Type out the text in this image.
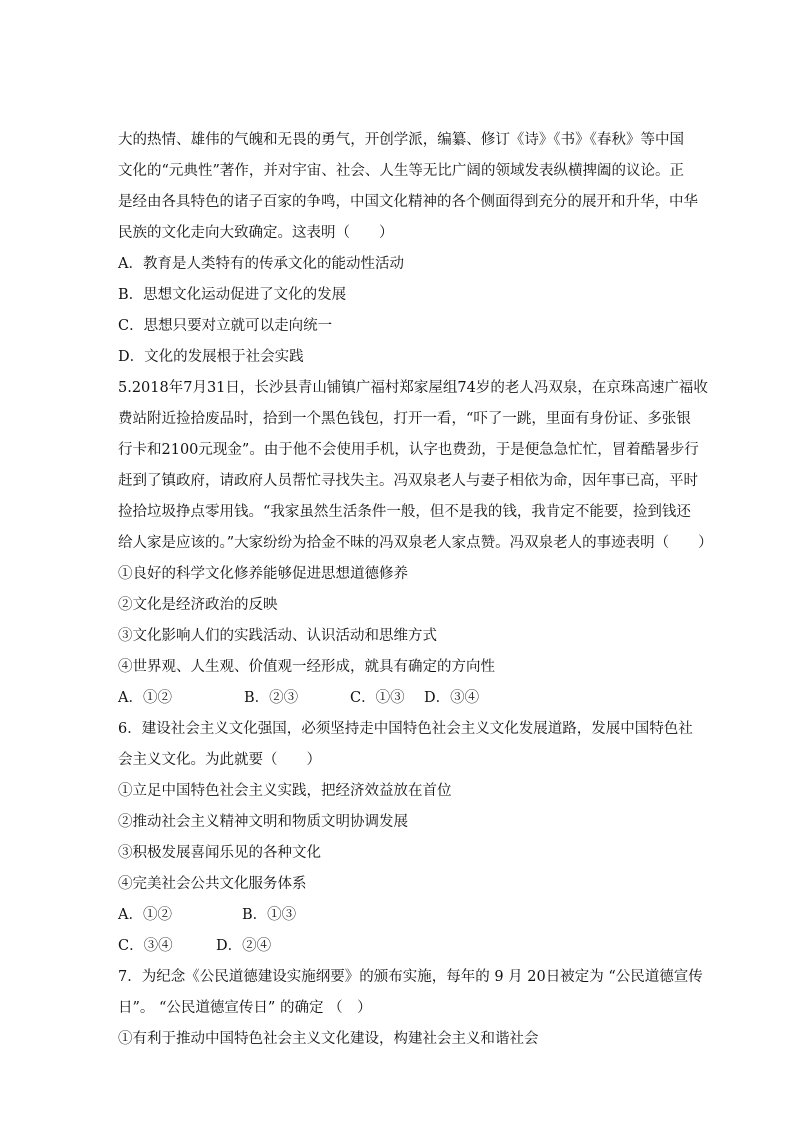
大的热情、雄伟的气魄和无畏的勇气，开创学派，编纂、修订《诗》《书》《春秋》等中国
文化的“元典性”著作，并对宇宙、社会、人生等无比广阔的领域发表纵横捭阖的议论。正
是经由各具特色的诸子百家的争鸣，中国文化精神的各个侧面得到充分的展开和升华，中华
民族的文化走向大致确定。这表明（　　）
A．教育是人类特有的传承文化的能动性活动
B．思想文化运动促进了文化的发展
C．思想只要对立就可以走向统一
D．文化的发展根于社会实践
5.2018年7月31日，长沙县青山铺镇广福村郑家屋组74岁的老人冯双泉，在京珠高速广福收
费站附近捡拾废品时，拾到一个黑色钱包，打开一看，“吓了一跳，里面有身份证、多张银
行卡和2100元现金”。由于他不会使用手机，认字也费劲，于是便急急忙忙，冒着酷暑步行
赶到了镇政府，请政府人员帮忙寻找失主。冯双泉老人与妻子相依为命，因年事已高，平时
捡拾垃圾挣点零用钱。“我家虽然生活条件一般，但不是我的钱，我肯定不能要，捡到钱还
给人家是应该的。”大家纷纷为拾金不昧的冯双泉老人家点赞。冯双泉老人的事迹表明（　　）
①良好的科学文化修养能够促进思想道德修养
②文化是经济政治的反映
③文化影响人们的实践活动、认识活动和思维方式
④世界观、人生观、价值观一经形成，就具有确定的方向性
A．①②	B．②③	C．①③ D．③④
6．建设社会主义文化强国，必须坚持走中国特色社会主义文化发展道路，发展中国特色社
会主义文化。为此就要（　　）
①立足中国特色社会主义实践，把经济效益放在首位
②推动社会主义精神文明和物质文明协调发展
③积极发展喜闻乐见的各种文化
④完美社会公共文化服务体系
A．①②	B．①③
C．③④	D．②④
7．为纪念《公民道德建设实施纲要》的颁布实施，每年的 9 月 20日被定为 “公民道德宣传
日”。 “公民道德宣传日” 的确定 （　）
①有利于推动中国特色社会主义文化建设，构建社会主义和谐社会
